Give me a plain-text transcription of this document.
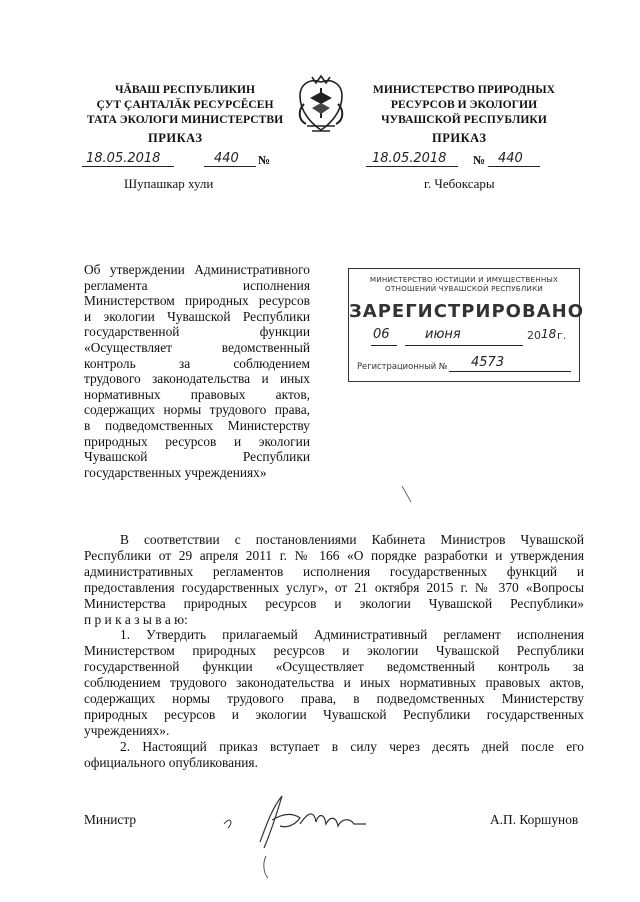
ЧĂВАШ РЕСПУБЛИКИН
ÇУТ ÇАНТАЛĂК РЕСУРСĔСЕН
ТАТА ЭКОЛОГИ МИНИСТЕРСТВИ
ПРИКАЗ
18.05.2018	440 №
Шупашкар хули
МИНИСТЕРСТВО ПРИРОДНЫХ
РЕСУРСОВ И ЭКОЛОГИИ
ЧУВАШСКОЙ РЕСПУБЛИКИ
ПРИКАЗ
18.05.2018 № 440
г. Чебоксары
Об утверждении Административного
регламента исполнения
Министерством природных ресурсов
и экологии Чувашской Республики
государственной функции
«Осуществляет ведомственный
контроль за соблюдением
трудового законодательства и иных
нормативных правовых актов,
содержащих нормы трудового права,
в подведомственных Министерству
природных ресурсов и экологии
Чувашской Республики
государственных учреждениях»
МИНИСТЕРСТВО ЮСТИЦИИ И ИМУЩЕСТВЕННЫХ
ОТНОШЕНИЙ ЧУВАШСКОЙ РЕСПУБЛИКИ
ЗАРЕГИСТРИРОВАНО
06	июня	20 18 г.
Регистрационный № 4573
В соответствии с постановлениями Кабинета Министров Чувашской
Республики от 29 апреля 2011 г. № 166 «О порядке разработки и утверждения
административных регламентов исполнения государственных функций и
предоставления государственных услуг», от 21 октября 2015 г. № 370 «Вопросы
Министерства природных ресурсов и экологии Чувашской Республики»
п р и к а з ы в а ю:
1. Утвердить прилагаемый Административный регламент исполнения
Министерством природных ресурсов и экологии Чувашской Республики
государственной функции «Осуществляет ведомственный контроль за
соблюдением трудового законодательства и иных нормативных правовых актов,
содержащих нормы трудового права, в подведомственных Министерству
природных ресурсов и экологии Чувашской Республики государственных
учреждениях».
2. Настоящий приказ вступает в силу через десять дней после его
официального опубликования.
Министр	А.П. Коршунов
